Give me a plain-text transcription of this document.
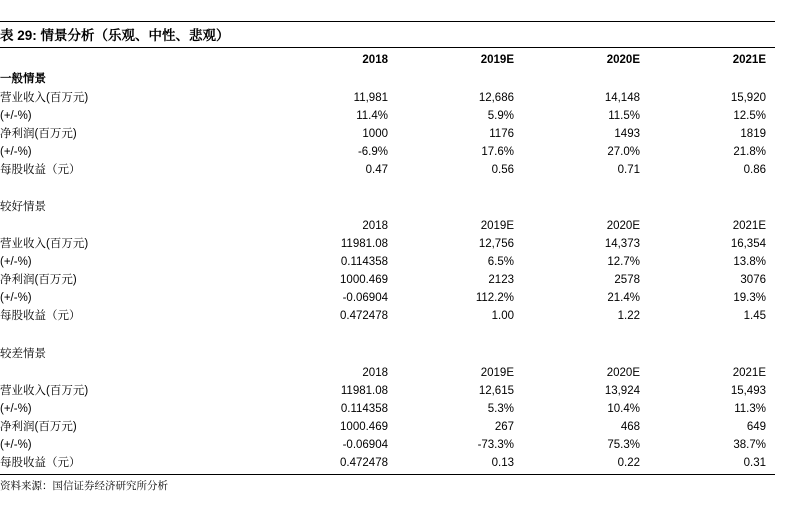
表 29: 情景分析（乐观、中性、悲观）
2018	2019E	2020E	2021E
一般情景
营业收入(百万元)	11,981	12,686	14,148	15,920
(+/-%)	11.4%	5.9%	11.5%	12.5%
净利润(百万元)	1000	1176	1493	1819
(+/-%)	-6.9%	17.6%	27.0%	21.8%
每股收益（元）	0.47	0.56	0.71	0.86
较好情景
2018	2019E	2020E	2021E
营业收入(百万元)	11981.08	12,756	14,373	16,354
(+/-%)	0.114358	6.5%	12.7%	13.8%
净利润(百万元)	1000.469	2123	2578	3076
(+/-%)	-0.06904	112.2%	21.4%	19.3%
每股收益（元）	0.472478	1.00	1.22	1.45
较差情景
2018	2019E	2020E	2021E
营业收入(百万元)	11981.08	12,615	13,924	15,493
(+/-%)	0.114358	5.3%	10.4%	11.3%
净利润(百万元)	1000.469	267	468	649
(+/-%)	-0.06904	-73.3%	75.3%	38.7%
每股收益（元）	0.472478	0.13	0.22	0.31
资料来源：国信证券经济研究所分析
